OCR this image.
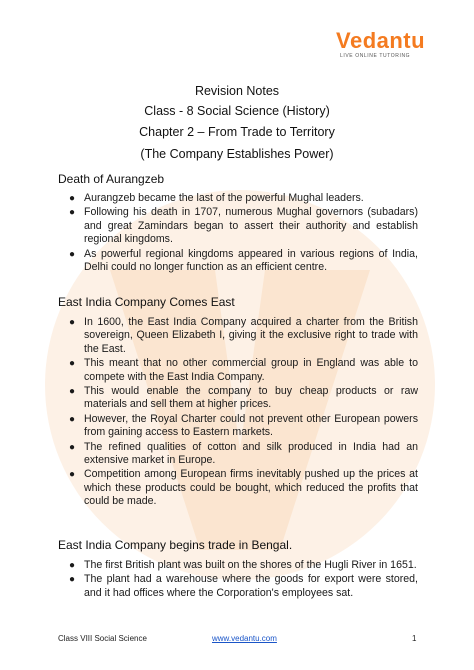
Vedantu
LIVE ONLINE TUTORING
Revision Notes
Class - 8 Social Science (History)
Chapter 2 – From Trade to Territory
(The Company Establishes Power)
Death of Aurangzeb
● Aurangzeb became the last of the powerful Mughal leaders.
● Following his death in 1707, numerous Mughal governors (subadars) and great Zamindars began to assert their authority and establish regional kingdoms.
● As powerful regional kingdoms appeared in various regions of India, Delhi could no longer function as an efficient centre.
East India Company Comes East
● In 1600, the East India Company acquired a charter from the British sovereign, Queen Elizabeth I, giving it the exclusive right to trade with the East.
● This meant that no other commercial group in England was able to compete with the East India Company.
● This would enable the company to buy cheap products or raw materials and sell them at higher prices.
● However, the Royal Charter could not prevent other European powers from gaining access to Eastern markets.
● The refined qualities of cotton and silk produced in India had an extensive market in Europe.
● Competition among European firms inevitably pushed up the prices at which these products could be bought, which reduced the profits that could be made.
East India Company begins trade in Bengal.
● The first British plant was built on the shores of the Hugli River in 1651.
● The plant had a warehouse where the goods for export were stored, and it had offices where the Corporation's employees sat.
Class VIII Social Science	www.vedantu.com	1
